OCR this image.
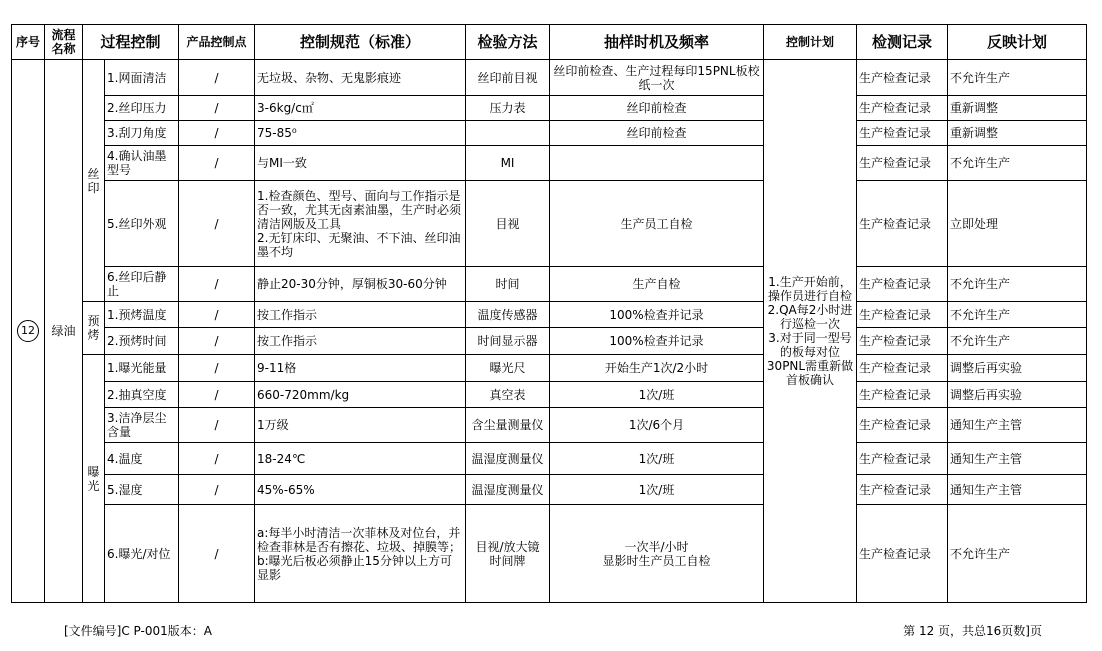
序号	流程名称	过程控制		产品控制点	控制规范（标准）	检验方法	抽样时机及频率	控制计划	检测记录	反映计划
12	绿油	丝印	1.网面清洁	/	无垃圾、杂物、无鬼影痕迹	丝印前目视	丝印前检查、生产过程每印15PNL板校纸一次	1.生产开始前，操作员进行自检
2.QA每2小时进行巡检一次
3.对于同一型号的板每对位30PNL需重新做首板确认	生产检查记录	不允许生产
			2.丝印压力	/	3-6kg/c㎡	压力表	丝印前检查		生产检查记录	重新调整
			3.刮刀角度	/	75-85⁰		丝印前检查		生产检查记录	重新调整
			4.确认油墨型号	/	与MI一致	MI			生产检查记录	不允许生产
			5.丝印外观	/	1.检查颜色、型号、面向与工作指示是否一致，尤其无卤素油墨，生产时必须清洁网版及工具
2.无钉床印、无聚油、不下油、丝印油墨不均	目视	生产员工自检		生产检查记录	立即处理
			6.丝印后静止	/	静止20-30分钟，厚铜板30-60分钟	时间	生产自检		生产检查记录	不允许生产
		预烤	1.预烤温度	/	按工作指示	温度传感器	100%检查并记录		生产检查记录	不允许生产
			2.预烤时间	/	按工作指示	时间显示器	100%检查并记录		生产检查记录	不允许生产
		曝光	1.曝光能量	/	9-11格	曝光尺	开始生产1次/2小时		生产检查记录	调整后再实验
			2.抽真空度	/	660-720mm/kg	真空表	1次/班		生产检查记录	调整后再实验
			3.洁净层尘含量	/	1万级	含尘量测量仪	1次/6个月		生产检查记录	通知生产主管
			4.温度	/	18-24℃	温湿度测量仪	1次/班		生产检查记录	通知生产主管
			5.湿度	/	45%-65%	温湿度测量仪	1次/班		生产检查记录	通知生产主管
			6.曝光/对位	/	a:每半小时清洁一次菲林及对位台，并检查菲林是否有擦花、垃圾、掉膜等；
b:曝光后板必须静止15分钟以上方可显影	目视/放大镜
时间牌	一次半/小时
显影时生产员工自检		生产检查记录	不允许生产
[文件编号]C P-001版本：A	第 12 页，共总16页数]页
